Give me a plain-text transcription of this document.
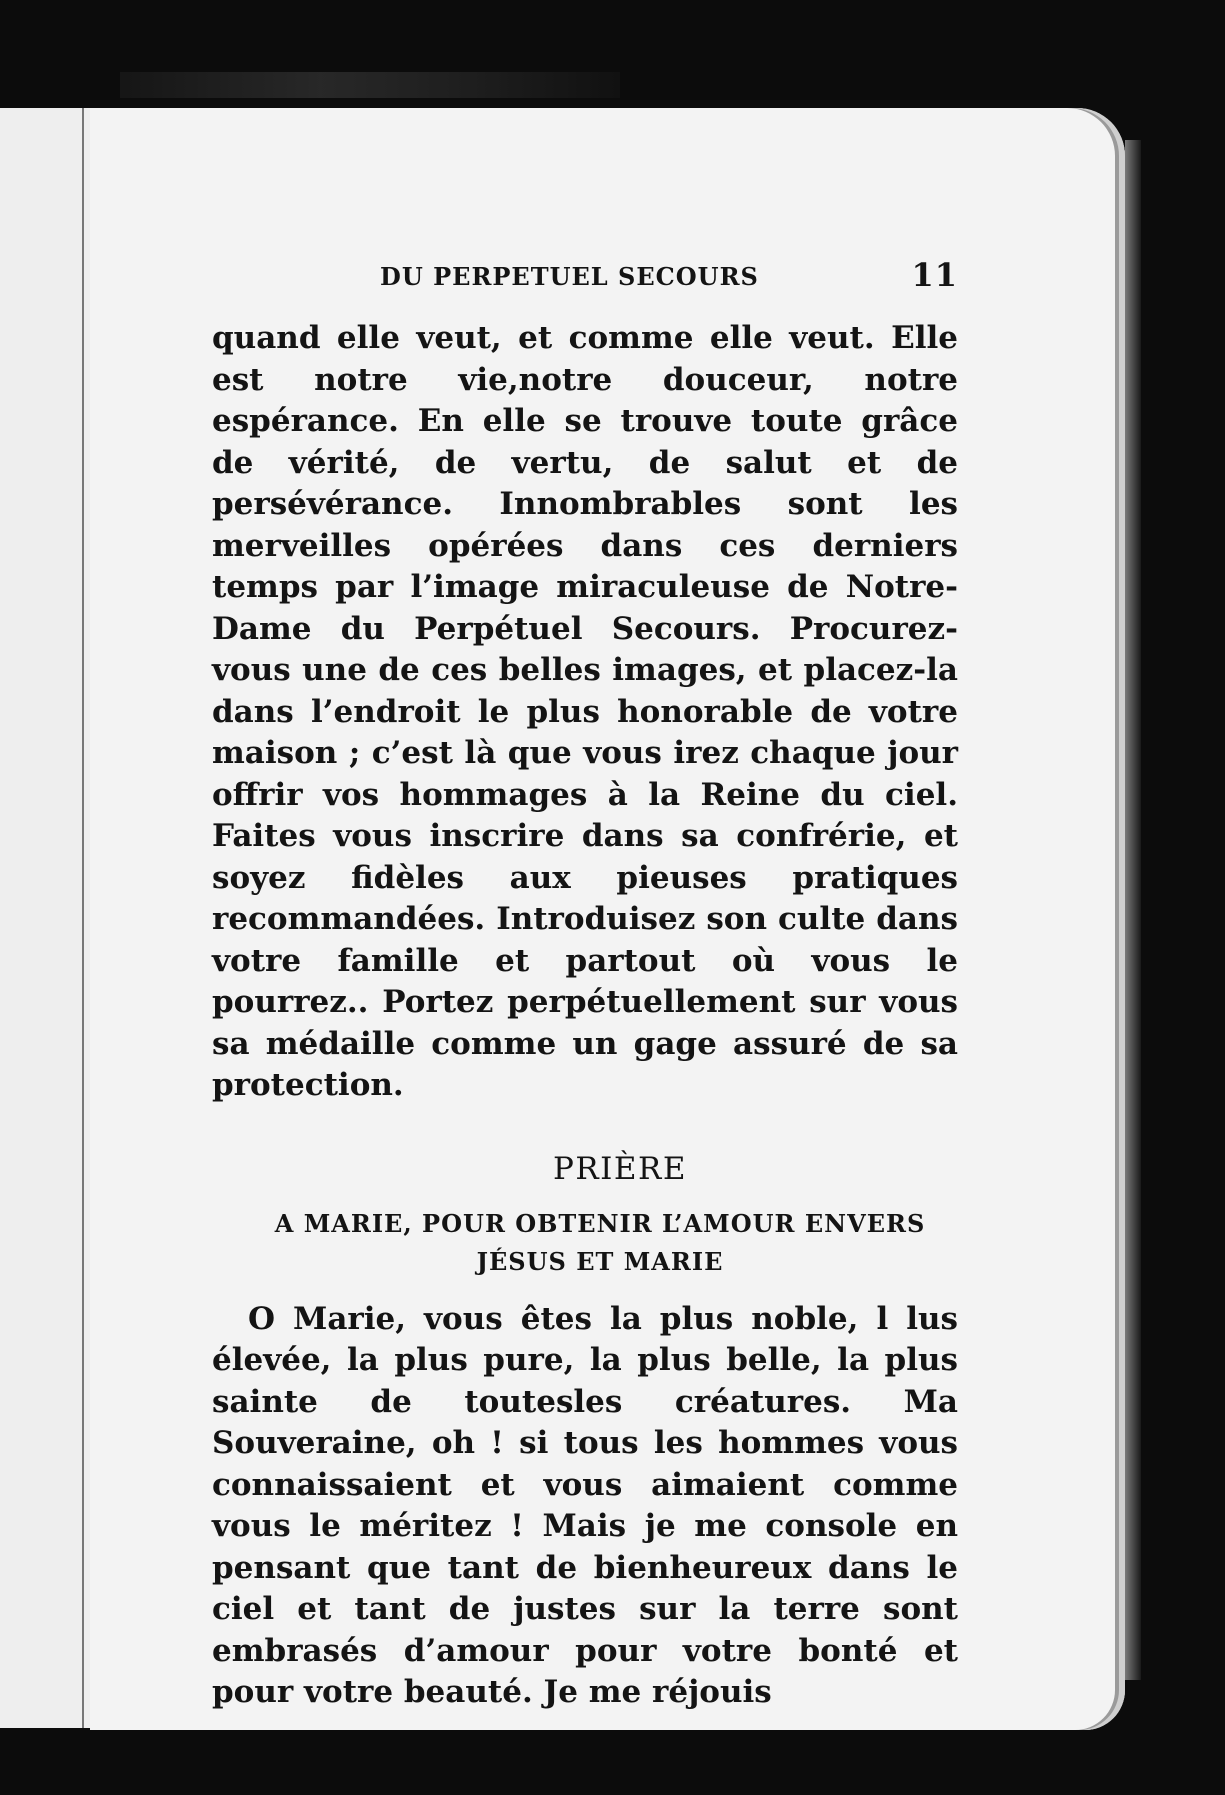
DU PERPETUEL SECOURS	11

quand elle veut, et comme elle veut. Elle est notre vie,notre douceur, notre espérance. En elle se trouve toute grâce de vérité, de vertu, de salut et de persévérance. Innombrables sont les merveilles opérées dans ces derniers temps par l’image miraculeuse de Notre-Dame du Perpétuel Secours. Procurez-vous une de ces belles images, et placez-la dans l’endroit le plus honorable de votre maison ; c’est là que vous irez chaque jour offrir vos hommages à la Reine du ciel. Faites vous inscrire dans sa confrérie, et soyez fidèles aux pieuses pratiques recommandées. Introduisez son culte dans votre famille et partout où vous le pourrez.. Portez perpétuellement sur vous sa médaille comme un gage assuré de sa protection.

PRIÈRE
A MARIE, POUR OBTENIR L’AMOUR ENVERS
JÉSUS ET MARIE

O Marie, vous êtes la plus noble, l lus élevée, la plus pure, la plus belle, la plus sainte de toutesles créatures. Ma Souveraine, oh ! si tous les hommes vous connaissaient et vous aimaient comme vous le méritez ! Mais je me console en pensant que tant de bienheureux dans le ciel et tant de justes sur la terre sont embrasés d’amour pour votre bonté et pour votre beauté. Je me réjouis
